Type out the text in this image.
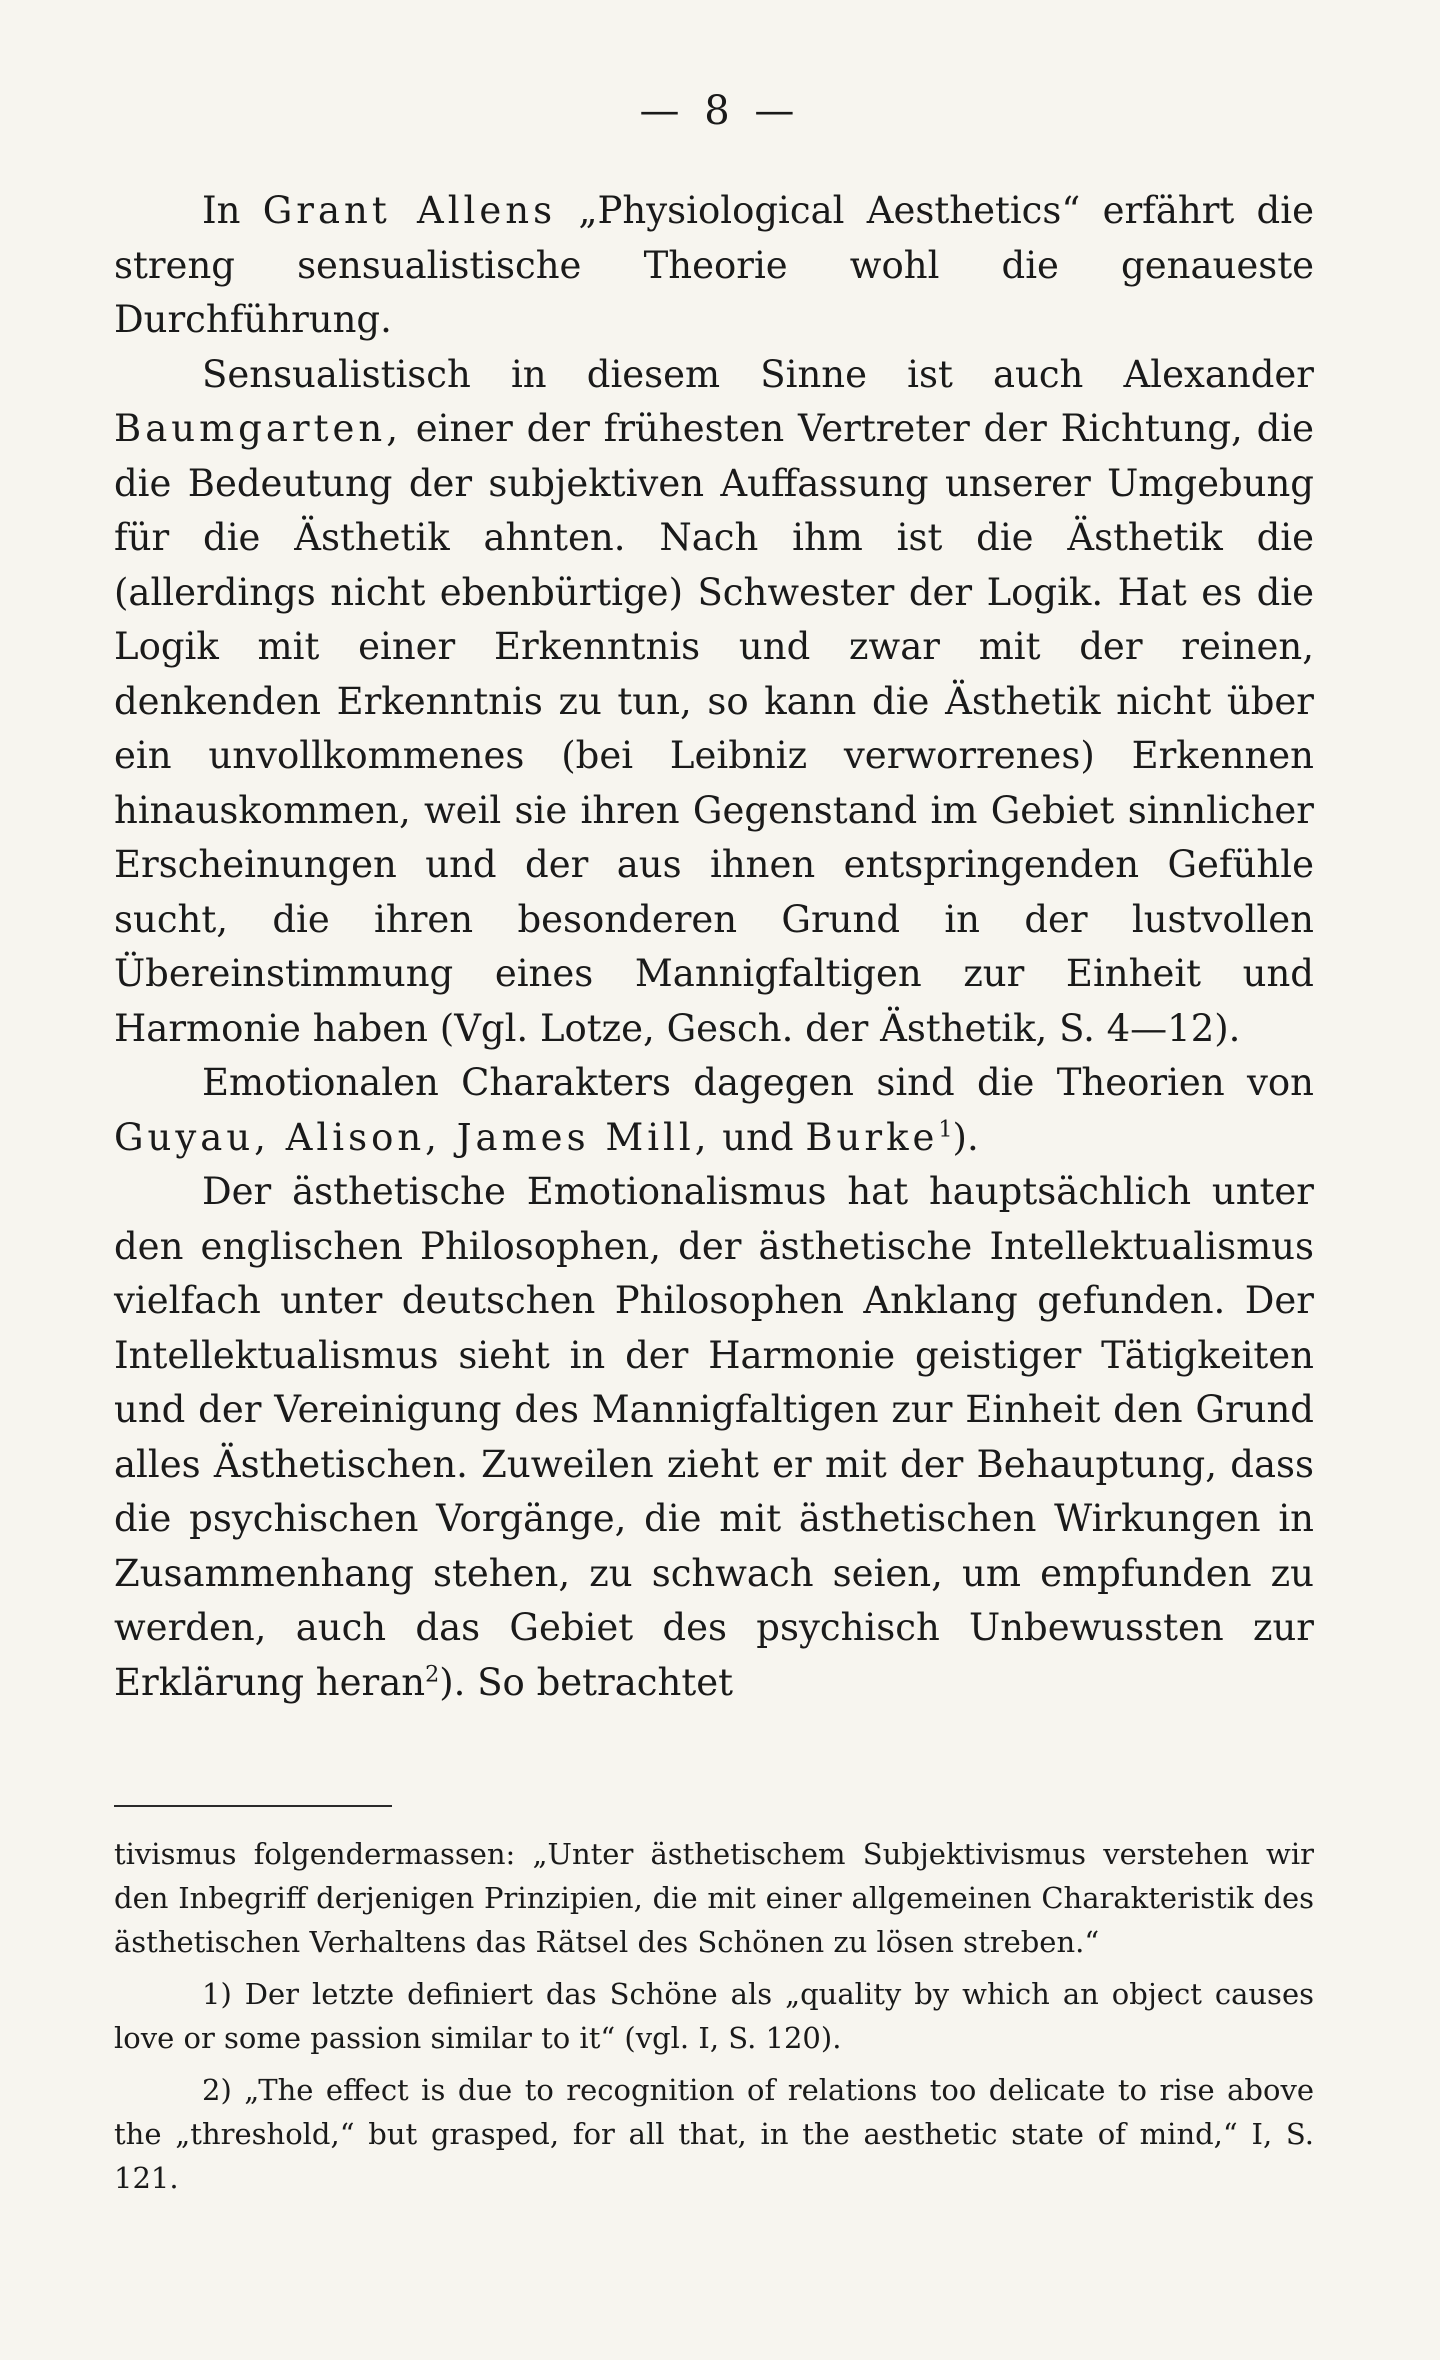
— 8 —

In Grant Allens „Physiological Aesthetics“ erfährt die streng sensualistische Theorie wohl die genaueste Durchführung.

Sensualistisch in diesem Sinne ist auch Alexander Baumgarten, einer der frühesten Vertreter der Richtung, die die Bedeutung der subjektiven Auffassung unserer Umgebung für die Ästhetik ahnten. Nach ihm ist die Ästhetik die (allerdings nicht ebenbürtige) Schwester der Logik. Hat es die Logik mit einer Erkenntnis und zwar mit der reinen, denkenden Erkenntnis zu tun, so kann die Ästhetik nicht über ein unvollkommenes (bei Leibniz verworrenes) Erkennen hinauskommen, weil sie ihren Gegenstand im Gebiet sinnlicher Erscheinungen und der aus ihnen entspringenden Gefühle sucht, die ihren besonderen Grund in der lustvollen Übereinstimmung eines Mannigfaltigen zur Einheit und Harmonie haben (Vgl. Lotze, Gesch. der Ästhetik, S. 4—12).

Emotionalen Charakters dagegen sind die Theorien von Guyau, Alison, James Mill, und Burke$^1$).

Der ästhetische Emotionalismus hat hauptsächlich unter den englischen Philosophen, der ästhetische Intellektualismus vielfach unter deutschen Philosophen Anklang gefunden. Der Intellektualismus sieht in der Harmonie geistiger Tätigkeiten und der Vereinigung des Mannigfaltigen zur Einheit den Grund alles Ästhetischen. Zuweilen zieht er mit der Behauptung, dass die psychischen Vorgänge, die mit ästhetischen Wirkungen in Zusammenhang stehen, zu schwach seien, um empfunden zu werden, auch das Gebiet des psychisch Unbewussten zur Erklärung heran$^2$). So betrachtet

tivismus folgendermassen: „Unter ästhetischem Subjektivismus verstehen wir den Inbegriff derjenigen Prinzipien, die mit einer allgemeinen Charakteristik des ästhetischen Verhaltens das Rätsel des Schönen zu lösen streben.“

1) Der letzte definiert das Schöne als „quality by which an object causes love or some passion similar to it“ (vgl. I, S. 120).

2) „The effect is due to recognition of relations too delicate to rise above the „threshold,“ but grasped, for all that, in the aesthetic state of mind,“ I, S. 121.
